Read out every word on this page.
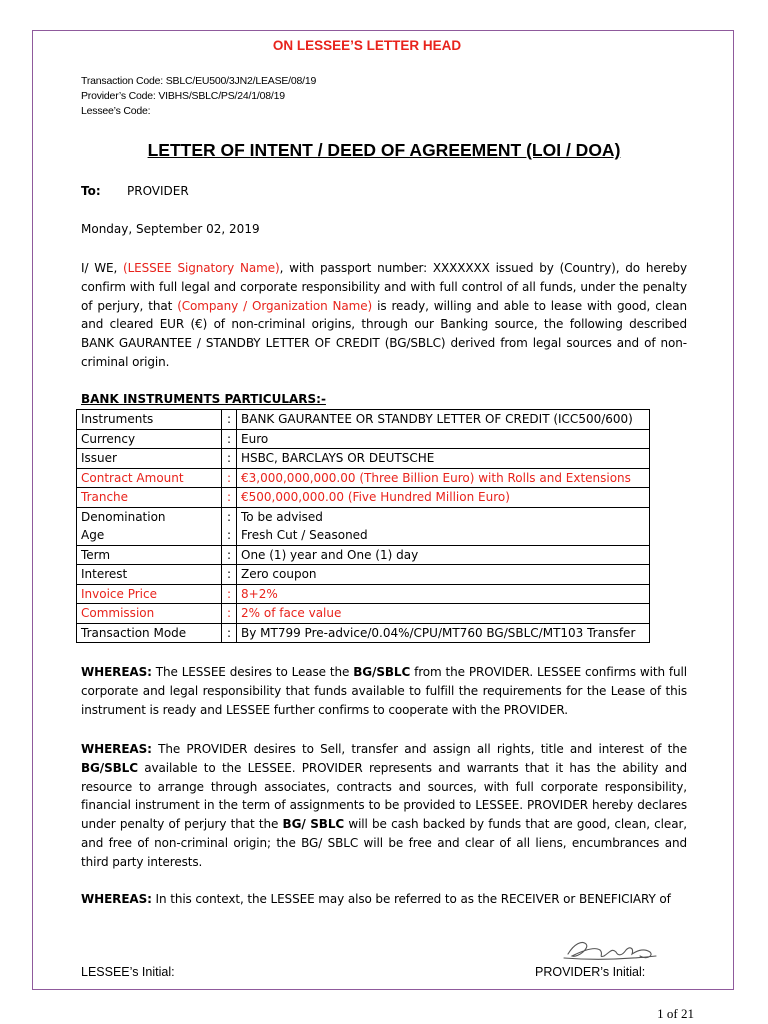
ON LESSEE’S LETTER HEAD
Transaction Code: SBLC/EU500/3JN2/LEASE/08/19
Provider’s Code: VIBHS/SBLC/PS/24/1/08/19
Lessee’s Code:
LETTER OF INTENT / DEED OF AGREEMENT (LOI / DOA)
To: PROVIDER
Monday, September 02, 2019
I/ WE, (LESSEE Signatory Name), with passport number: XXXXXXX issued by (Country), do hereby confirm with full legal and corporate responsibility and with full control of all funds, under the penalty of perjury, that (Company / Organization Name) is ready, willing and able to lease with good, clean and cleared EUR (€) of non-criminal origins, through our Banking source, the following described BANK GAURANTEE / STANDBY LETTER OF CREDIT (BG/SBLC) derived from legal sources and of non-criminal origin.
BANK INSTRUMENTS PARTICULARS:-
Instruments	:	BANK GAURANTEE OR STANDBY LETTER OF CREDIT (ICC500/600)
Currency	:	Euro
Issuer	:	HSBC, BARCLAYS OR DEUTSCHE
Contract Amount	:	€3,000,000,000.00 (Three Billion Euro) with Rolls and Extensions
Tranche	:	€500,000,000.00 (Five Hundred Million Euro)
Denomination	:	To be advised
Age	:	Fresh Cut / Seasoned
Term	:	One (1) year and One (1) day
Interest	:	Zero coupon
Invoice Price	:	8+2%
Commission	:	2% of face value
Transaction Mode	:	By MT799 Pre-advice/0.04%/CPU/MT760 BG/SBLC/MT103 Transfer
WHEREAS: The LESSEE desires to Lease the BG/SBLC from the PROVIDER. LESSEE confirms with full corporate and legal responsibility that funds available to fulfill the requirements for the Lease of this instrument is ready and LESSEE further confirms to cooperate with the PROVIDER.
WHEREAS: The PROVIDER desires to Sell, transfer and assign all rights, title and interest of the BG/SBLC available to the LESSEE. PROVIDER represents and warrants that it has the ability and resource to arrange through associates, contracts and sources, with full corporate responsibility, financial instrument in the term of assignments to be provided to LESSEE. PROVIDER hereby declares under penalty of perjury that the BG/ SBLC will be cash backed by funds that are good, clean, clear, and free of non-criminal origin; the BG/ SBLC will be free and clear of all liens, encumbrances and third party interests.
WHEREAS: In this context, the LESSEE may also be referred to as the RECEIVER or BENEFICIARY of
LESSEE’s Initial:	PROVIDER’s Initial:
1 of 21
